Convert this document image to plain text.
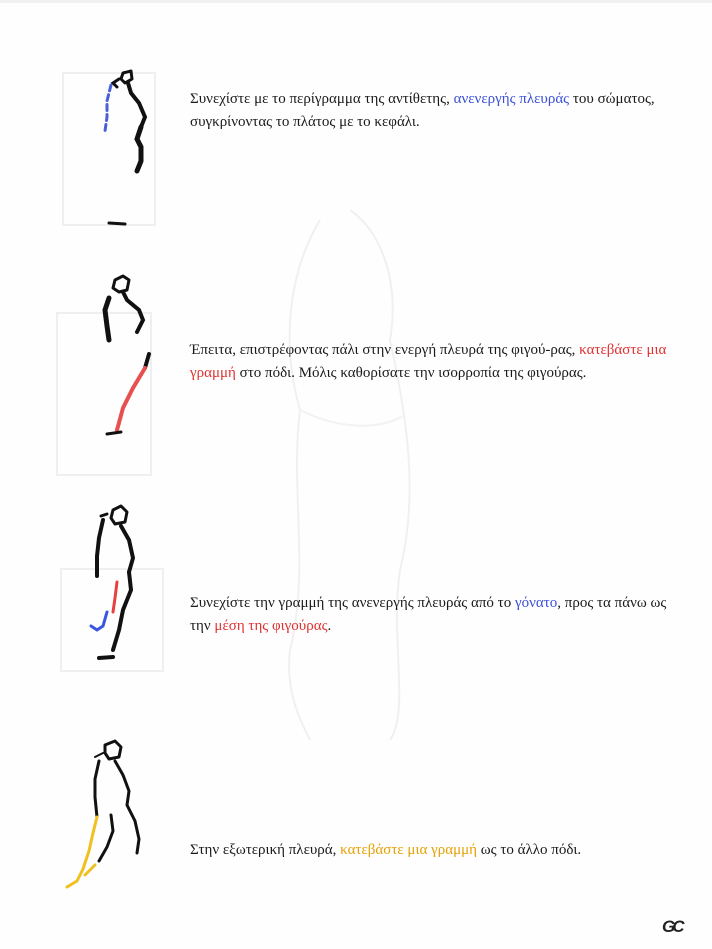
Συνεχίστε με το περίγραμμα της αντίθετης, ανενεργής πλευράς του σώματος, συγκρίνοντας το πλάτος με το κεφάλι.
Έπειτα, επιστρέφοντας πάλι στην ενεργή πλευρά της φιγού-ρας, κατεβάστε μια γραμμή στο πόδι. Μόλις καθορίσατε την ισορροπία της φιγούρας.
Συνεχίστε την γραμμή της ανενεργής πλευράς από το γόνατο, προς τα πάνω ως την μέση της φιγούρας.
Στην εξωτερική πλευρά, κατεβάστε μια γραμμή ως το άλλο πόδι.
GC
